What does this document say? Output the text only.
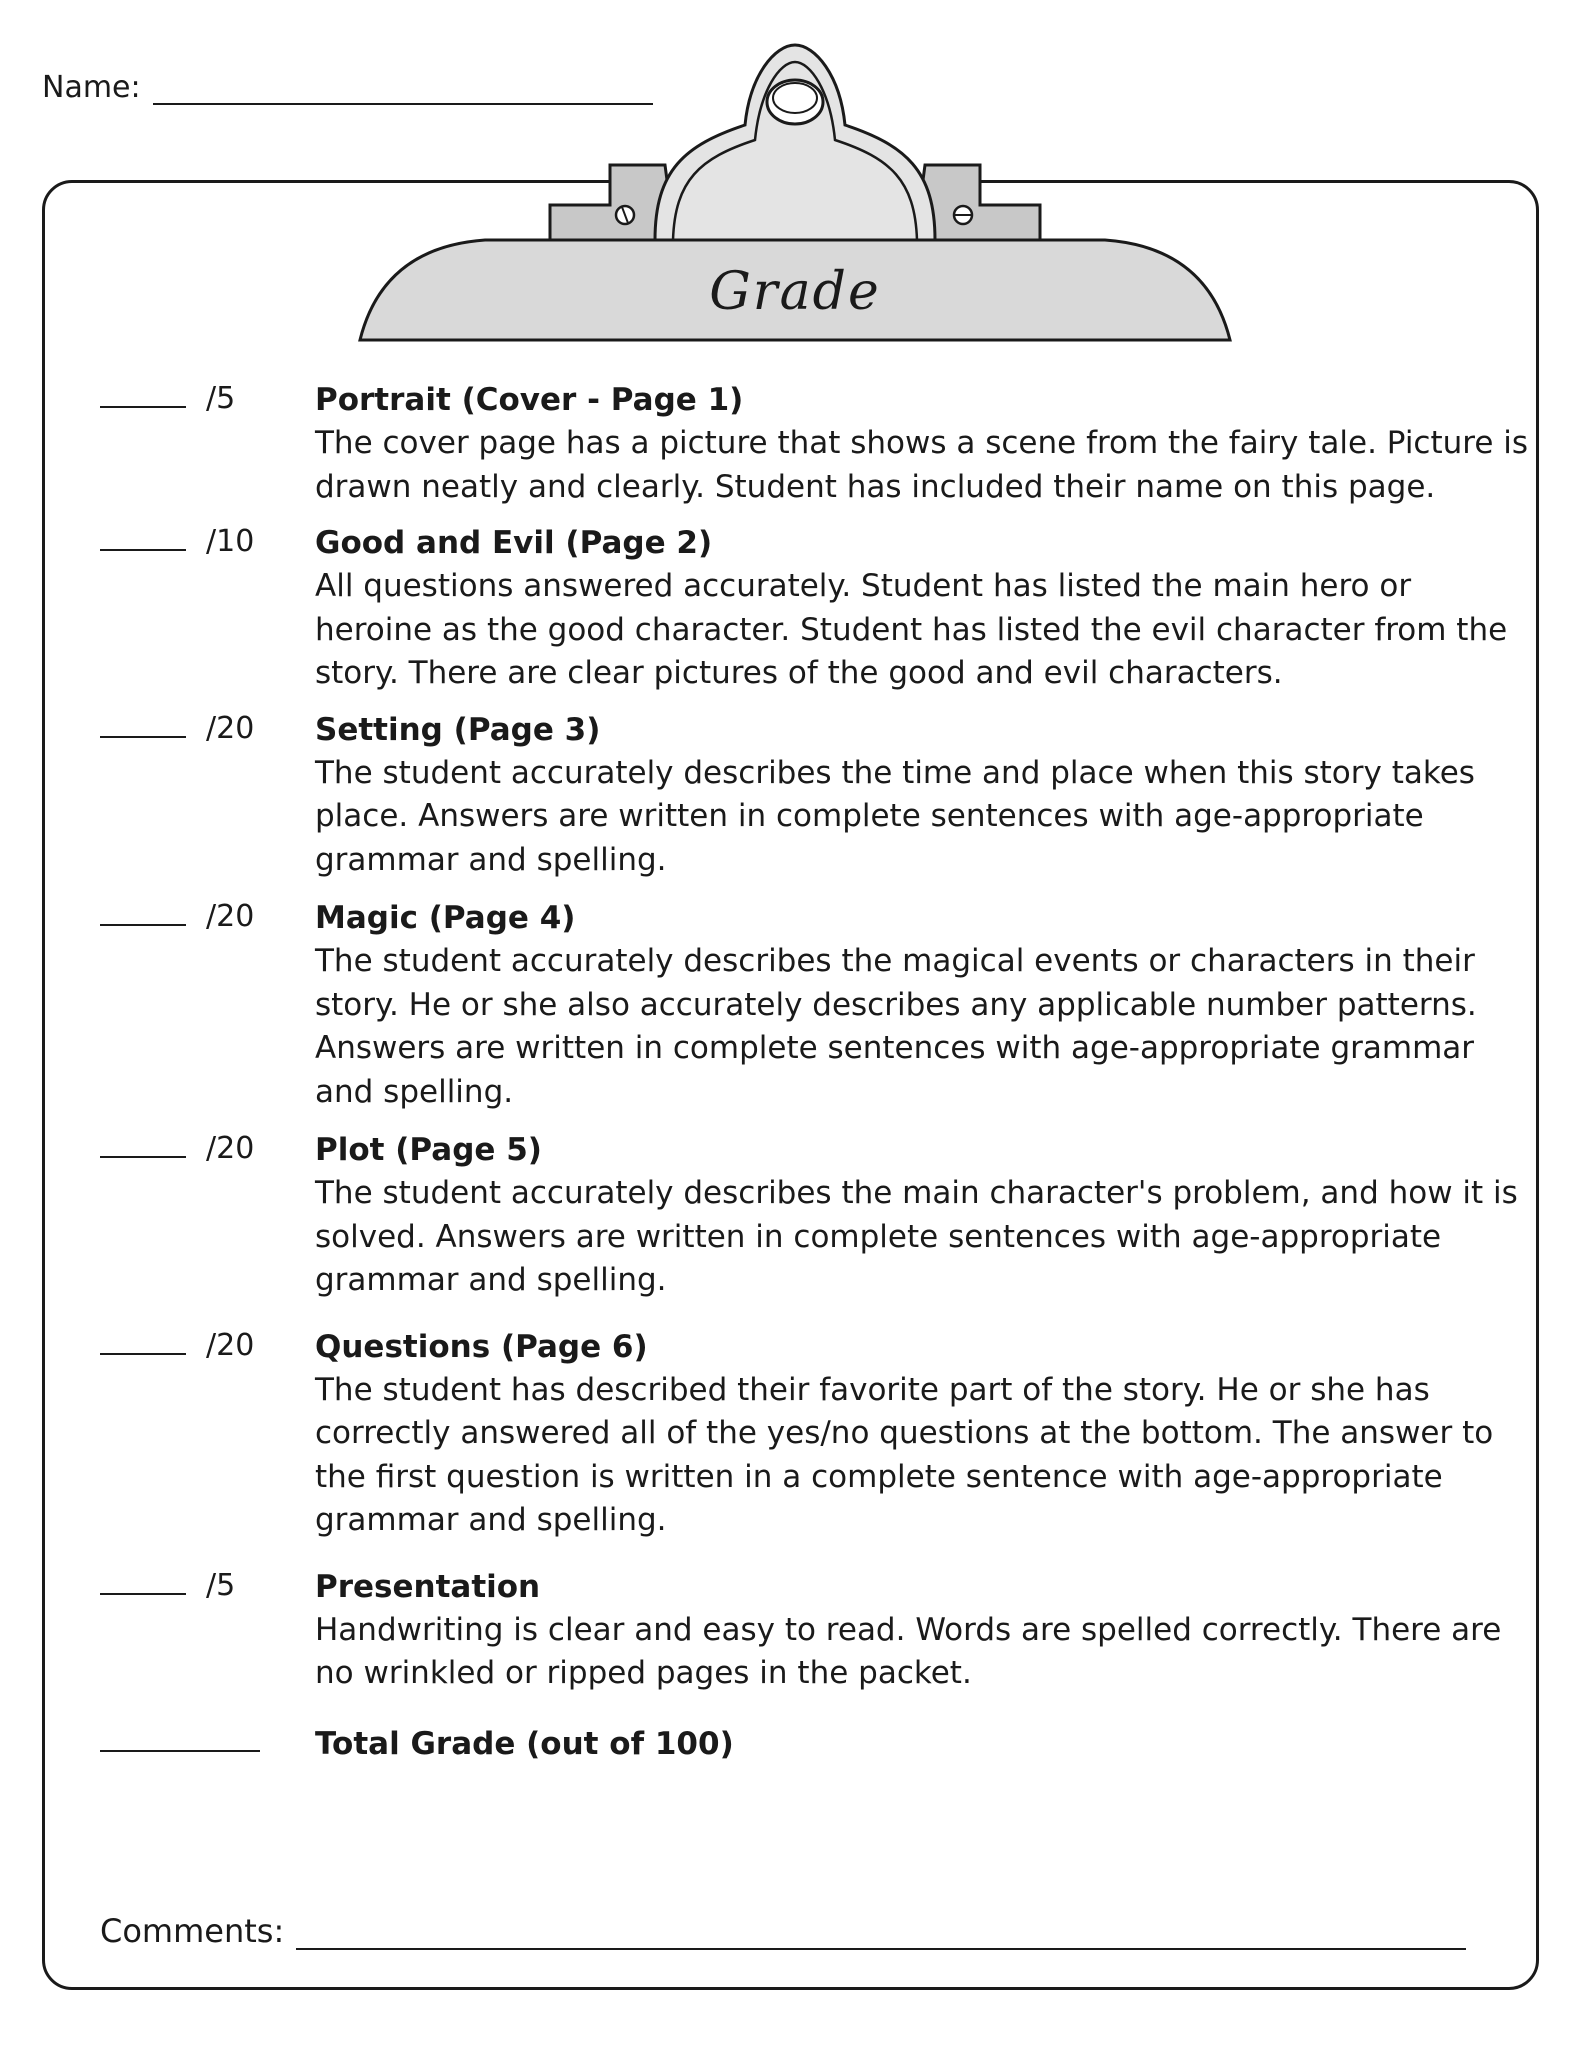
Name:
Grade
/5	Portrait (Cover - Page 1)
The cover page has a picture that shows a scene from the fairy tale. Picture is drawn neatly and clearly. Student has included their name on this page.
/10 Good and Evil (Page 2)
All questions answered accurately. Student has listed the main hero or heroine as the good character. Student has listed the evil character from the story. There are clear pictures of the good and evil characters.
/20 Setting (Page 3)
The student accurately describes the time and place when this story takes place. Answers are written in complete sentences with age-appropriate grammar and spelling.
/20 Magic (Page 4)
The student accurately describes the magical events or characters in their story. He or she also accurately describes any applicable number patterns. Answers are written in complete sentences with age-appropriate grammar and spelling.
/20 Plot (Page 5)
The student accurately describes the main character's problem, and how it is solved. Answers are written in complete sentences with age-appropriate grammar and spelling.
/20 Questions (Page 6)
The student has described their favorite part of the story. He or she has correctly answered all of the yes/no questions at the bottom. The answer to the first question is written in a complete sentence with age-appropriate grammar and spelling.
/5	Presentation
Handwriting is clear and easy to read. Words are spelled correctly. There are no wrinkled or ripped pages in the packet.
Total Grade (out of 100)
Comments:
